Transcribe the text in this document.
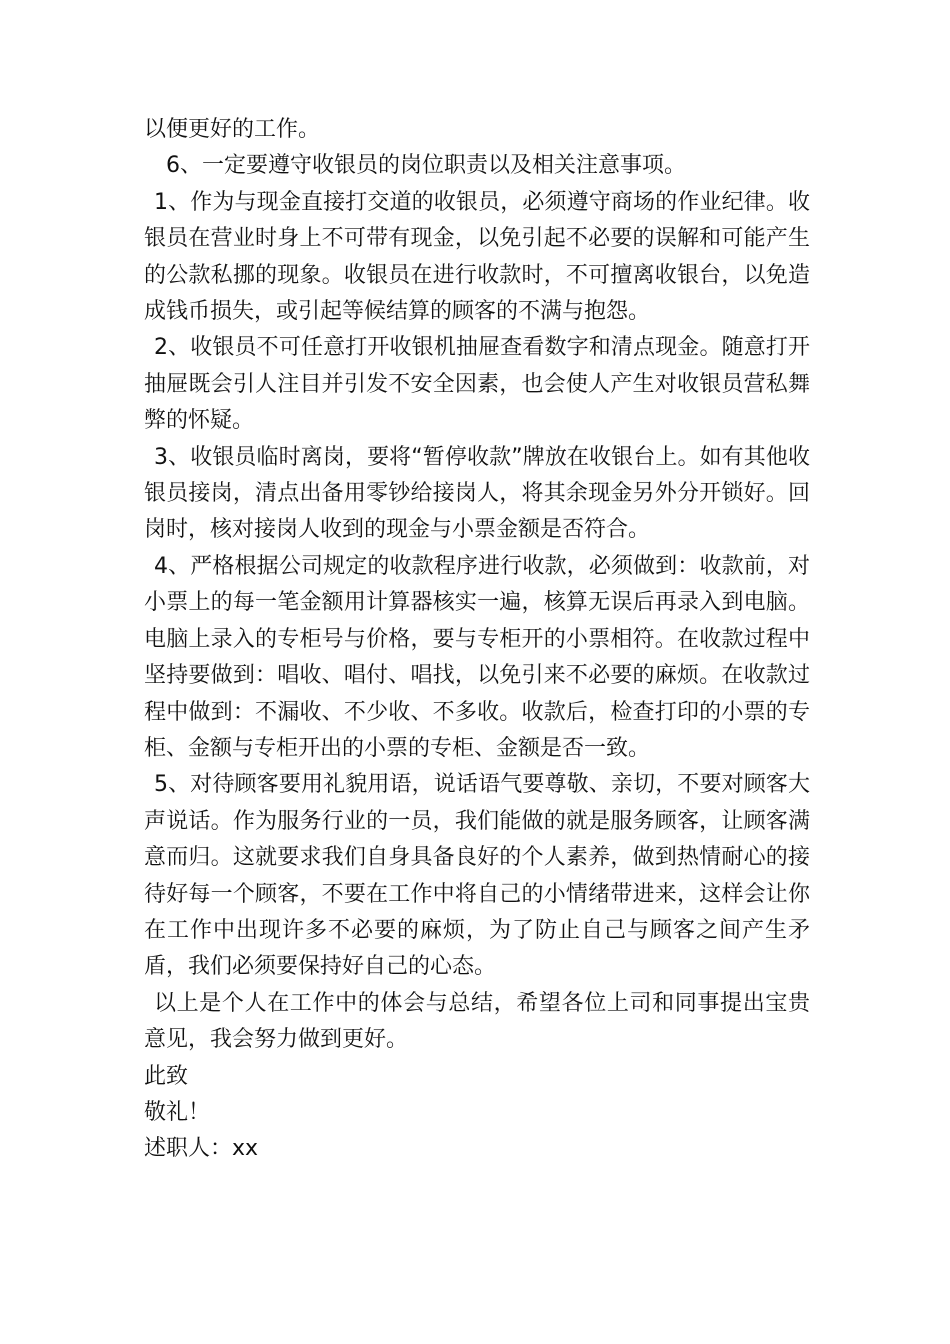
以便更好的工作。

6、一定要遵守收银员的岗位职责以及相关注意事项。

1、作为与现金直接打交道的收银员，必须遵守商场的作业纪律。收银员在营业时身上不可带有现金，以免引起不必要的误解和可能产生的公款私挪的现象。收银员在进行收款时，不可擅离收银台，以免造成钱币损失，或引起等候结算的顾客的不满与抱怨。

2、收银员不可任意打开收银机抽屉查看数字和清点现金。随意打开抽屉既会引人注目并引发不安全因素，也会使人产生对收银员营私舞弊的怀疑。

3、收银员临时离岗，要将“暂停收款”牌放在收银台上。如有其他收银员接岗，清点出备用零钞给接岗人，将其余现金另外分开锁好。回岗时，核对接岗人收到的现金与小票金额是否符合。

4、严格根据公司规定的收款程序进行收款，必须做到：收款前，对小票上的每一笔金额用计算器核实一遍，核算无误后再录入到电脑。电脑上录入的专柜号与价格，要与专柜开的小票相符。在收款过程中坚持要做到：唱收、唱付、唱找，以免引来不必要的麻烦。在收款过程中做到：不漏收、不少收、不多收。收款后，检查打印的小票的专柜、金额与专柜开出的小票的专柜、金额是否一致。

5、对待顾客要用礼貌用语，说话语气要尊敬、亲切，不要对顾客大声说话。作为服务行业的一员，我们能做的就是服务顾客，让顾客满意而归。这就要求我们自身具备良好的个人素养，做到热情耐心的接待好每一个顾客，不要在工作中将自己的小情绪带进来，这样会让你在工作中出现许多不必要的麻烦，为了防止自己与顾客之间产生矛盾，我们必须要保持好自己的心态。

以上是个人在工作中的体会与总结，希望各位上司和同事提出宝贵意见，我会努力做到更好。

此致

敬礼！

述职人：xx
